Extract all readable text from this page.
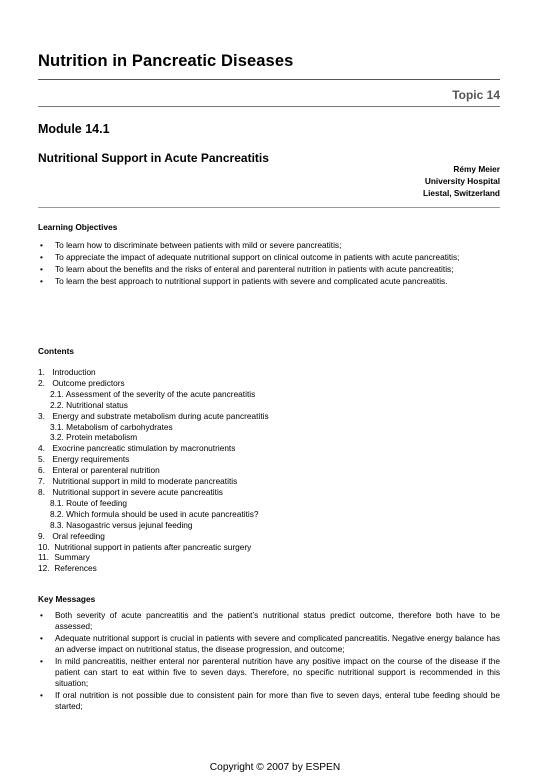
Nutrition in Pancreatic Diseases
Topic 14
Module 14.1
Nutritional Support in Acute Pancreatitis
Rémy Meier
University Hospital
Liestal, Switzerland
Learning Objectives
• To learn how to discriminate between patients with mild or severe pancreatitis;
• To appreciate the impact of adequate nutritional support on clinical outcome in patients with acute pancreatitis;
• To learn about the benefits and the risks of enteral and parenteral nutrition in patients with acute pancreatitis;
• To learn the best approach to nutritional support in patients with severe and complicated acute pancreatitis.
Contents
1. Introduction
2. Outcome predictors
2.1. Assessment of the severity of the acute pancreatitis
2.2. Nutritional status
3. Energy and substrate metabolism during acute pancreatitis
3.1. Metabolism of carbohydrates
3.2. Protein metabolism
4. Exocrine pancreatic stimulation by macronutrients
5. Energy requirements
6. Enteral or parenteral nutrition
7. Nutritional support in mild to moderate pancreatitis
8. Nutritional support in severe acute pancreatitis
8.1. Route of feeding
8.2. Which formula should be used in acute pancreatitis?
8.3. Nasogastric versus jejunal feeding
9. Oral refeeding
10. Nutritional support in patients after pancreatic surgery
11. Summary
12. References
Key Messages
• Both severity of acute pancreatitis and the patient’s nutritional status predict outcome, therefore both have to be assessed;
• Adequate nutritional support is crucial in patients with severe and complicated pancreatitis. Negative energy balance has an adverse impact on nutritional status, the disease progression, and outcome;
• In mild pancreatitis, neither enteral nor parenteral nutrition have any positive impact on the course of the disease if the patient can start to eat within five to seven days. Therefore, no specific nutritional support is recommended in this situation;
• If oral nutrition is not possible due to consistent pain for more than five to seven days, enteral tube feeding should be started;
Copyright © 2007 by ESPEN
